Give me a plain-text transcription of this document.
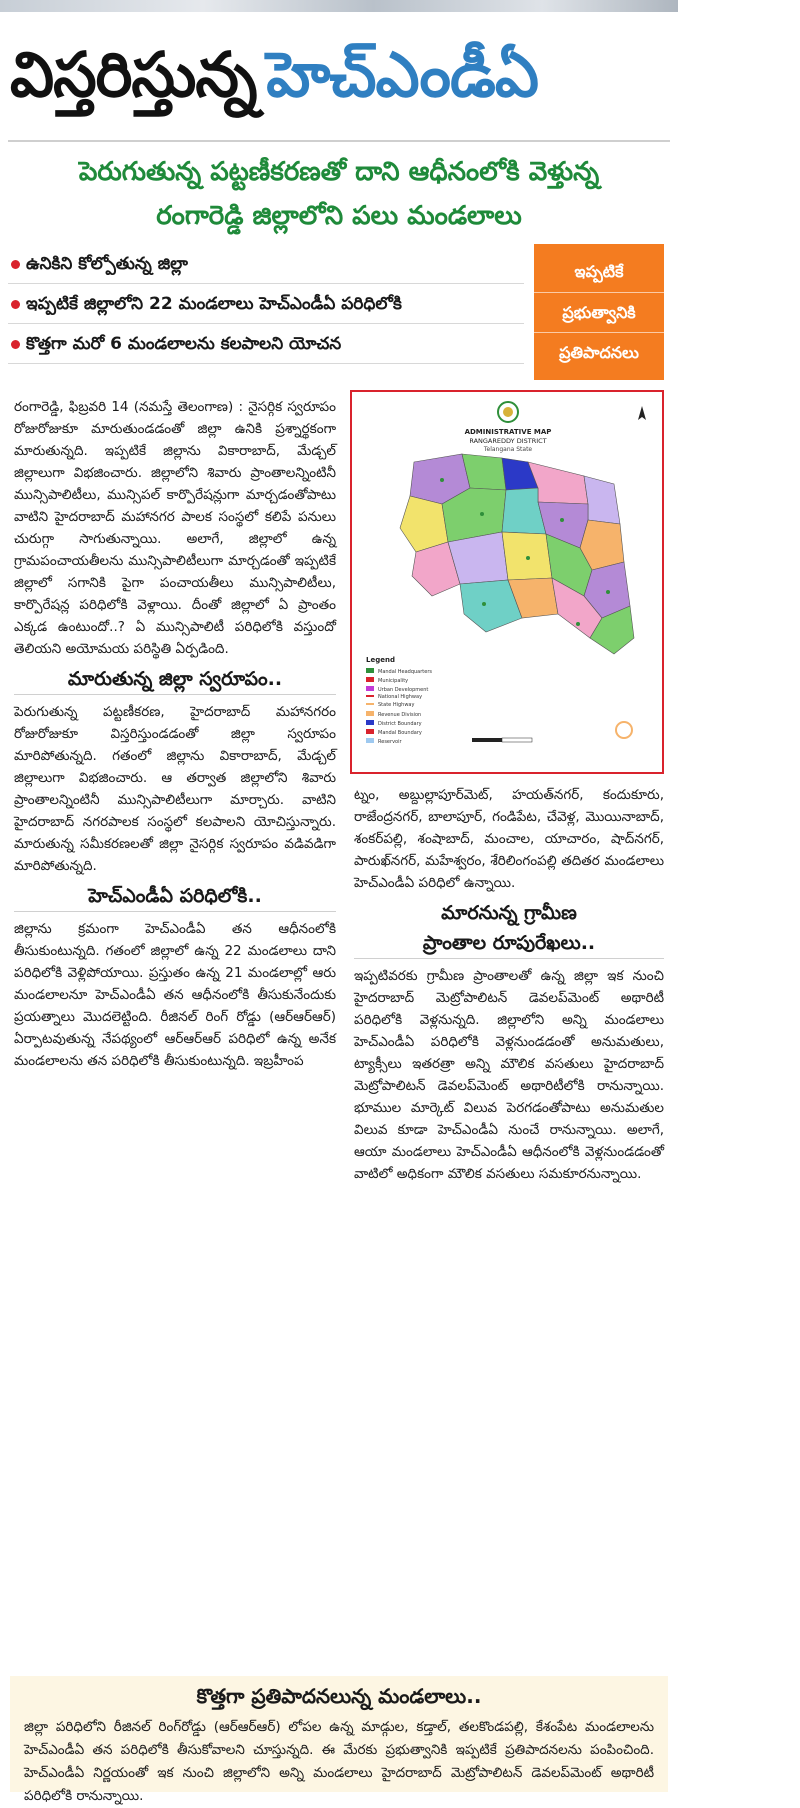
విస్తరిస్తున్న హెచ్‌ఎండీఏ
పెరుగుతున్న పట్టణీకరణతో దాని ఆధీనంలోకి వెళ్తున్న
రంగారెడ్డి జిల్లాలోని పలు మండలాలు
ఉనికిని కోల్పోతున్న జిల్లా
ఇప్పటికే జిల్లాలోని 22 మండలాలు హెచ్‌ఎండీఏ పరిధిలోకి
కొత్తగా మరో 6 మండలాలను కలపాలని యోచన
ఇప్పటికే
ప్రభుత్వానికి
ప్రతిపాదనలు

రంగారెడ్డి, ఫిబ్రవరి 14 (నమస్తే తెలంగాణ) : నైసర్గిక స్వరూపం రోజురోజుకూ మారుతుండడంతో జిల్లా ఉనికి ప్రశ్నార్థకంగా మారుతున్నది. ఇప్పటికే జిల్లాను వికారాబాద్, మేడ్చల్ జిల్లాలుగా విభజించారు. జిల్లాలోని శివారు ప్రాంతాలన్నింటినీ మున్సిపాలిటీలు, మున్సిపల్ కార్పొరేషన్లుగా మార్చడంతోపాటు వాటిని హైదరాబాద్ మహానగర పాలక సంస్థలో కలిపే పనులు చురుగ్గా సాగుతున్నాయి. అలాగే, జిల్లాలో ఉన్న గ్రామపంచాయతీలను మున్సిపాలిటీలుగా మార్చడంతో ఇప్పటికే జిల్లాలో సగానికి పైగా పంచాయతీలు మున్సిపాలిటీలు, కార్పొరేషన్ల పరిధిలోకి వెళ్లాయి. దీంతో జిల్లాలో ఏ ప్రాంతం ఎక్కడ ఉంటుందో..? ఏ మున్సిపాలిటీ పరిధిలోకి వస్తుందో తెలియని అయోమయ పరిస్థితి ఏర్పడింది.

మారుతున్న జిల్లా స్వరూపం..

పెరుగుతున్న పట్టణీకరణ, హైదరాబాద్ మహానగరం రోజురోజుకూ విస్తరిస్తుండడంతో జిల్లా స్వరూపం మారిపోతున్నది. గతంలో జిల్లాను వికారాబాద్, మేడ్చల్ జిల్లాలుగా విభజించారు. ఆ తర్వాత జిల్లాలోని శివారు ప్రాంతాలన్నింటినీ మున్సిపాలిటీలుగా మార్చారు. వాటిని హైదరాబాద్ నగరపాలక సంస్థలో కలపాలని యోచిస్తున్నారు. మారుతున్న సమీకరణలతో జిల్లా నైసర్గిక స్వరూపం వడివడిగా మారిపోతున్నది.

హెచ్‌ఎండీఏ పరిధిలోకి..

జిల్లాను క్రమంగా హెచ్‌ఎండీఏ తన ఆధీనంలోకి తీసుకుంటున్నది. గతంలో జిల్లాలో ఉన్న 22 మండలాలు దాని పరిధిలోకి వెళ్లిపోయాయి. ప్రస్తుతం ఉన్న 21 మండలాల్లో ఆరు మండలాలనూ హెచ్‌ఎండీఏ తన ఆధీనంలోకి తీసుకునేందుకు ప్రయత్నాలు మొదలెట్టింది. రీజినల్ రింగ్ రోడ్డు (ఆర్ఆర్ఆర్) ఏర్పాటవుతున్న నేపథ్యంలో ఆర్ఆర్ఆర్ పరిధిలో ఉన్న అనేక మండలాలను తన పరిధిలోకి తీసుకుంటున్నది. ఇబ్రహీంప

ADMINISTRATIVE MAP
RANGAREDDY DISTRICT
Telangana State
Legend
Mandal Headquarters
Municipality
Urban Development
National Highway
State Highway
Revenue Division
District Boundary
Mandal Boundary
Reservoir

ట్నం, అబ్దుల్లాపూర్‌మెట్, హయత్‌నగర్, కందుకూరు, రాజేంద్రనగర్, బాలాపూర్, గండిపేట, చేవెళ్ల, మొయినాబాద్, శంకర్‌పల్లి, శంషాబాద్, మంచాల, యాచారం, షాద్‌నగర్, పారుఖ్‌నగర్, మహేశ్వరం, శేరిలింగంపల్లి తదితర మండలాలు హెచ్‌ఎండీఏ పరిధిలో ఉన్నాయి.

మారనున్న గ్రామీణ
ప్రాంతాల రూపురేఖలు..

ఇప్పటివరకు గ్రామీణ ప్రాంతాలతో ఉన్న జిల్లా ఇక నుంచి హైదరాబాద్ మెట్రోపాలిటన్ డెవలప్‌మెంట్ అథారిటీ పరిధిలోకి వెళ్లనున్నది. జిల్లాలోని అన్ని మండలాలు హెచ్‌ఎండీఏ పరిధిలోకి వెళ్లనుండడంతో అనుమతులు, ట్యాక్సీలు ఇతరత్రా అన్ని మౌలిక వసతులు హైదరాబాద్ మెట్రోపాలిటన్ డెవలప్‌మెంట్ అథారిటీలోకి రానున్నాయి. భూముల మార్కెట్ విలువ పెరగడంతోపాటు అనుమతుల విలువ కూడా హెచ్‌ఎండీఏ నుంచే రానున్నాయి. అలాగే, ఆయా మండలాలు హెచ్‌ఎండీఏ ఆధీనంలోకి వెళ్లనుండడంతో వాటిలో అధికంగా మౌలిక వసతులు సమకూరనున్నాయి.

కొత్తగా ప్రతిపాదనలున్న మండలాలు..
జిల్లా పరిధిలోని రీజినల్ రింగ్‌రోడ్డు (ఆర్ఆర్ఆర్) లోపల ఉన్న మాడ్గుల, కడ్తాల్, తలకొండపల్లి, కేశంపేట మండలాలను హెచ్‌ఎండీఏ తన పరిధిలోకి తీసుకోవాలని చూస్తున్నది. ఈ మేరకు ప్రభుత్వానికి ఇప్పటికే ప్రతిపాదనలను పంపించింది. హెచ్‌ఎండీఏ నిర్ణయంతో ఇక నుంచి జిల్లాలోని అన్ని మండలాలు హైదరాబాద్ మెట్రోపాలిటన్ డెవలప్‌మెంట్ అథారిటీ పరిధిలోకి రానున్నాయి.
